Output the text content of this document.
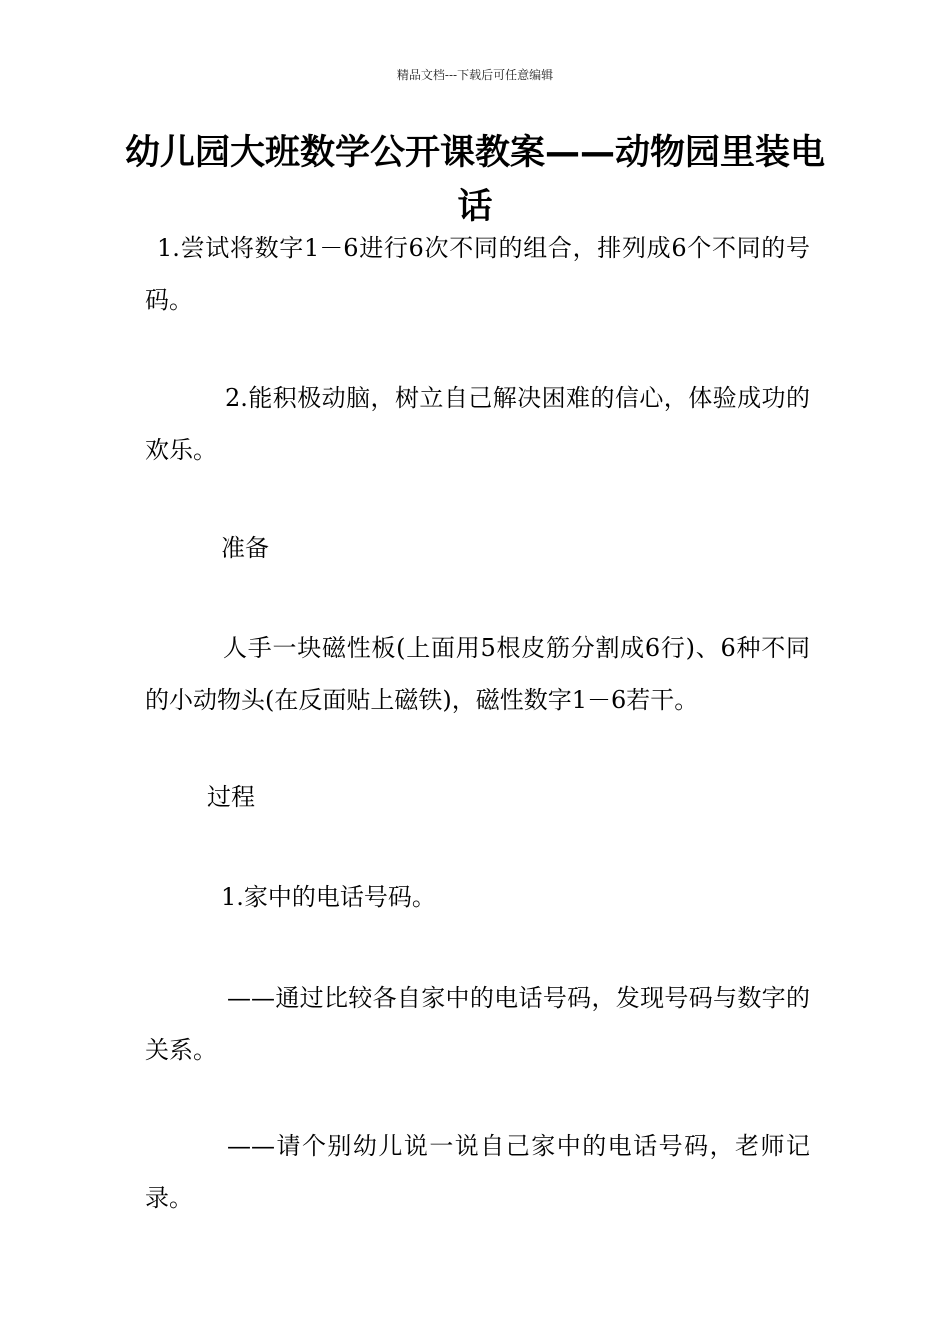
精品文档---下载后可任意编辑
幼儿园大班数学公开课教案——动物园里装电话

1.尝试将数字1－6进行6次不同的组合，排列成6个不同的号码。

2.能积极动脑，树立自己解决困难的信心，体验成功的欢乐。

准备

人手一块磁性板(上面用5根皮筋分割成6行)、6种不同的小动物头(在反面贴上磁铁)，磁性数字1－6若干。

过程

1.家中的电话号码。

——通过比较各自家中的电话号码，发现号码与数字的关系。

——请个别幼儿说一说自己家中的电话号码，老师记录。
